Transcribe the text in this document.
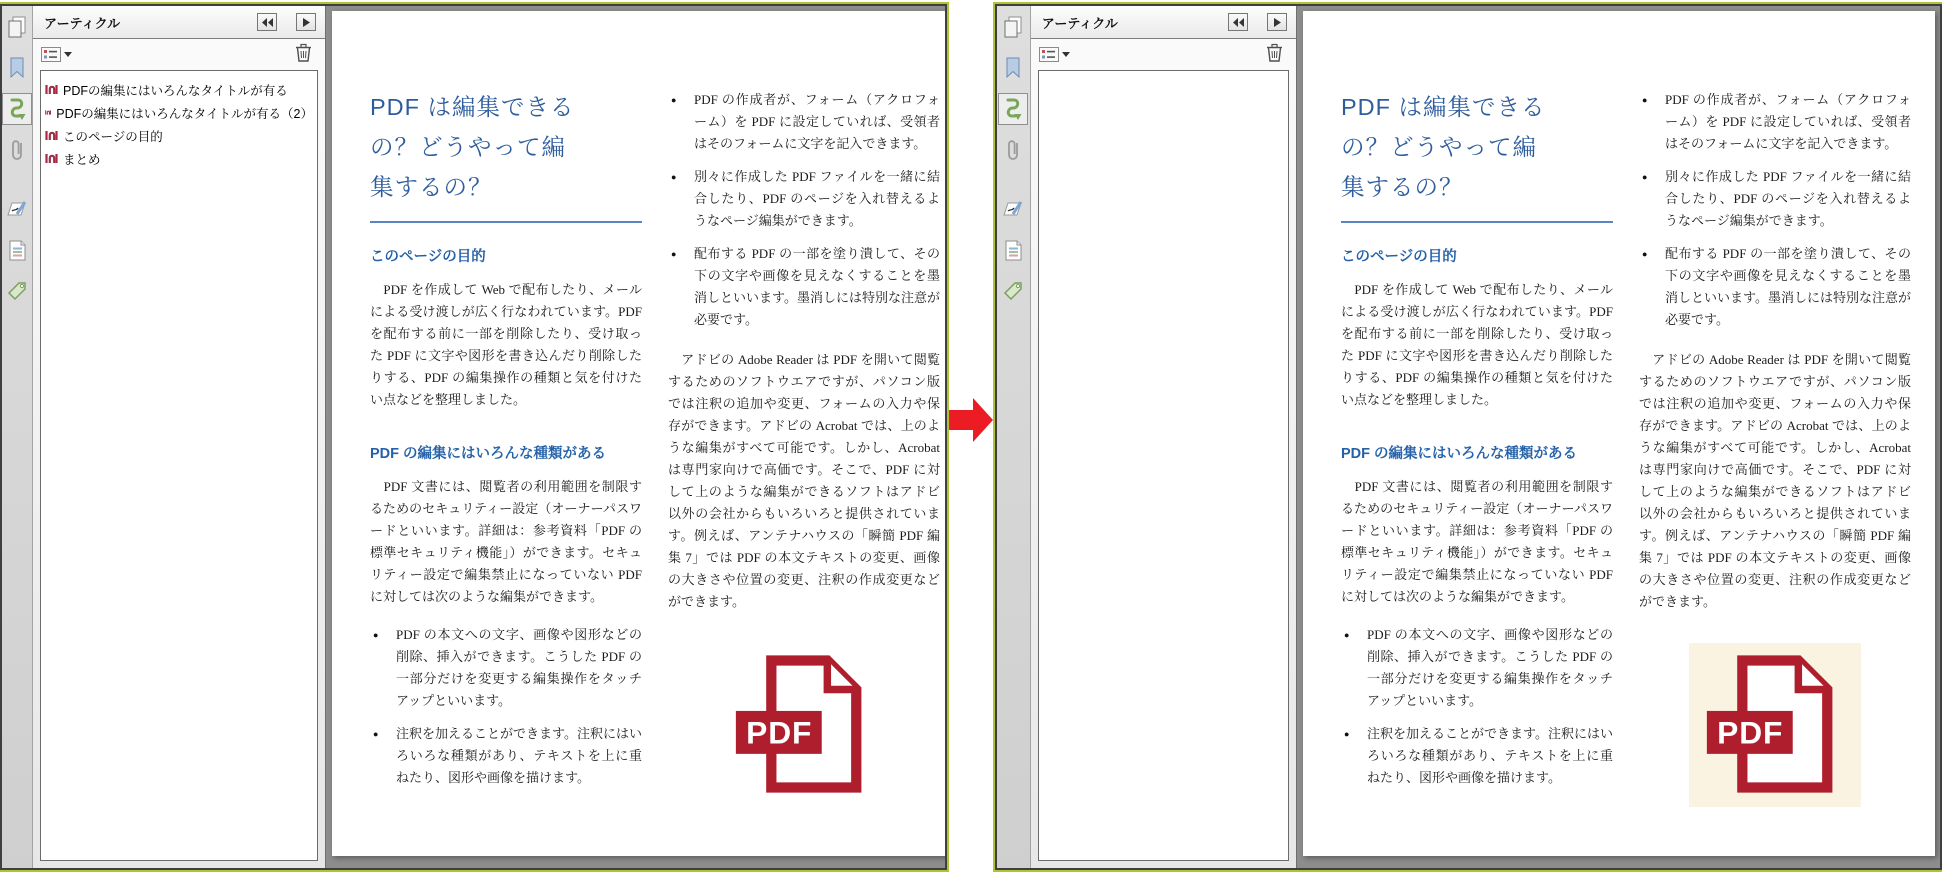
アーティクル
PDFの編集にはいろんなタイトルが有る
PDFの編集にはいろんなタイトルが有る（2）
このページの目的
まとめ
PDF は編集できる
の？どうやって編
集するの？
このページの目的

　PDF を作成して Web で配布したり、メールによる受け渡しが広く行なわれています。PDF を配布する前に一部を削除したり、受け取った PDF に文字や図形を書き込んだり削除したりする、PDF の編集操作の種類と気を付けたい点などを整理しました。

PDF の編集にはいろんな種類がある

　PDF 文書には、閲覧者の利用範囲を制限するためのセキュリティー設定（オーナーパスワードといいます。詳細は：参考資料「PDF の標準セキュリティ機能」）ができます。セキュリティー設定で編集禁止になっていない PDF に対しては次のような編集ができます。

● PDF の本文への文字、画像や図形などの削除、挿入ができます。こうした PDF の一部分だけを変更する編集操作をタッチアップといいます。
● 注釈を加えることができます。注釈にはいろいろな種類があり、テキストを上に重ねたり、図形や画像を描けます。
● PDF の作成者が、フォーム（アクロフォーム）を PDF に設定していれば、受領者はそのフォームに文字を記入できます。
● 別々に作成した PDF ファイルを一緒に結合したり、PDF のページを入れ替えるようなページ編集ができます。
● 配布する PDF の一部を塗り潰して、その下の文字や画像を見えなくすることを墨消しといいます。墨消しには特別な注意が必要です。

　アドビの Adobe Reader は PDF を開いて閲覧するためのソフトウエアですが、パソコン版では注釈の追加や変更、フォームの入力や保存ができます。アドビの Acrobat では、上のような編集がすべて可能です。しかし、Acrobat は専門家向けで高価です。そこで、PDF に対して上のような編集ができるソフトはアドビ以外の会社からもいろいろと提供されています。例えば、アンテナハウスの「瞬簡 PDF 編集 7」では PDF の本文テキストの変更、画像の大きさや位置の変更、注釈の作成変更などができます。

PDF
アーティクル
PDF は編集できる
の？どうやって編
集するの？
このページの目的

　PDF を作成して Web で配布したり、メールによる受け渡しが広く行なわれています。PDF を配布する前に一部を削除したり、受け取った PDF に文字や図形を書き込んだり削除したりする、PDF の編集操作の種類と気を付けたい点などを整理しました。

PDF の編集にはいろんな種類がある

　PDF 文書には、閲覧者の利用範囲を制限するためのセキュリティー設定（オーナーパスワードといいます。詳細は：参考資料「PDF の標準セキュリティ機能」）ができます。セキュリティー設定で編集禁止になっていない PDF に対しては次のような編集ができます。

● PDF の本文への文字、画像や図形などの削除、挿入ができます。こうした PDF の一部分だけを変更する編集操作をタッチアップといいます。
● 注釈を加えることができます。注釈にはいろいろな種類があり、テキストを上に重ねたり、図形や画像を描けます。
● PDF の作成者が、フォーム（アクロフォーム）を PDF に設定していれば、受領者はそのフォームに文字を記入できます。
● 別々に作成した PDF ファイルを一緒に結合したり、PDF のページを入れ替えるようなページ編集ができます。
● 配布する PDF の一部を塗り潰して、その下の文字や画像を見えなくすることを墨消しといいます。墨消しには特別な注意が必要です。

　アドビの Adobe Reader は PDF を開いて閲覧するためのソフトウエアですが、パソコン版では注釈の追加や変更、フォームの入力や保存ができます。アドビの Acrobat では、上のような編集がすべて可能です。しかし、Acrobat は専門家向けで高価です。そこで、PDF に対して上のような編集ができるソフトはアドビ以外の会社からもいろいろと提供されています。例えば、アンテナハウスの「瞬簡 PDF 編集 7」では PDF の本文テキストの変更、画像の大きさや位置の変更、注釈の作成変更などができます。

PDF
